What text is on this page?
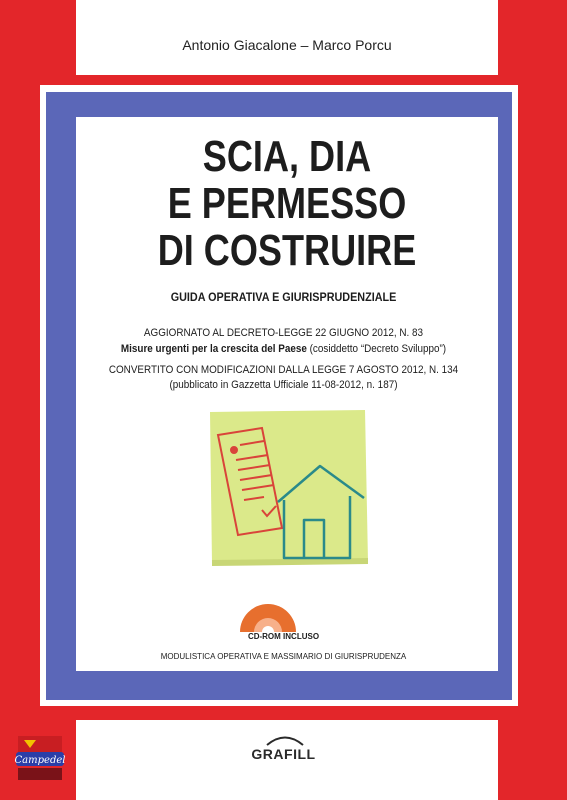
Antonio Giacalone – Marco Porcu
SCIA, DIA
E PERMESSO
DI COSTRUIRE
GUIDA OPERATIVA E GIURISPRUDENZIALE
AGGIORNATO AL DECRETO-LEGGE 22 GIUGNO 2012, N. 83
Misure urgenti per la crescita del Paese (cosiddetto “Decreto Sviluppo”)
CONVERTITO CON MODIFICAZIONI DALLA LEGGE 7 AGOSTO 2012, N. 134
(pubblicato in Gazzetta Ufficiale 11-08-2012, n. 187)
CD-ROM INCLUSO
MODULISTICA OPERATIVA E MASSIMARIO DI GIURISPRUDENZA
GRAFILL
Campedel
